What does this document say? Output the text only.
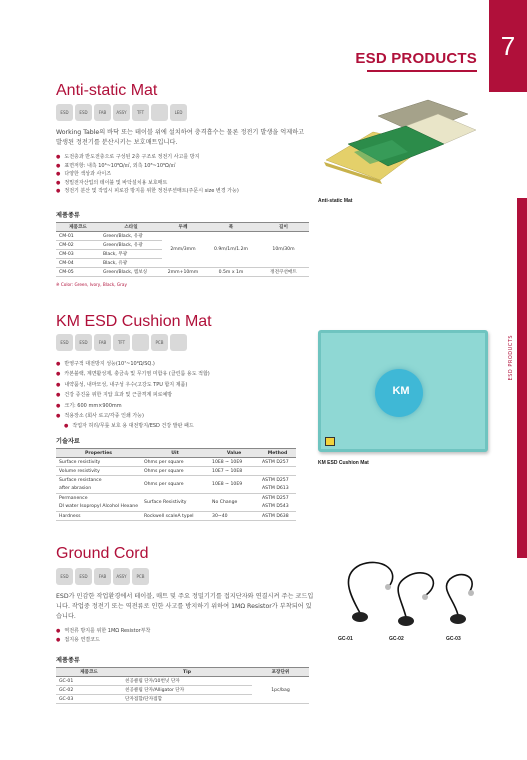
ESD PRODUCTS 7
ESD PRODUCTS
Anti-static Mat
ESD	ESD	FAB	ASSY	TFT	LED
Working Table의 바닥 또는 테이블 위에 설치하여 충격흡수는 물론 정전기 발생을 억제하고 발생된 정전기를 분산시키는 보호매트입니다.
● 도전층과 반도전층으로 구성된 2층 구조로 정전기 사고를 방지
● 표면저항: 내측 10⁶~10⁸Ω/㎡, 외측 10⁸~10⁹Ω/㎡
● 다양한 색상과 사이즈
● 정밀전자산업의 테이블 및 바닥설치용 보호매트
● 정전기 분산 및 작업시 피로감 방지를 위한 정전쿠션매트(주문시 size 변경 가능)
제품종류
제품코드	스타일	두께	폭	길이
CM-01	Green/Black, 유광	2mm/3mm	0.9m/1m/1.2m	10m/30m
CM-02	Green/Black, 유광			
CM-03	Black, 무광			
CM-04	Black, 유광			
CM-05	Green/Black, 엠보싱	2mm+10mm	0.5m x 1m	정전쿠션매트
※ Color: Green, Ivory, Black, Gray
Anti-static Mat
KM ESD Cushion Mat
ESD	ESD	FAB	TFT	PCB
● 반영구적 대전방지 성능(10⁷~10⁹Ω/SQ.)
● 카본블랙, 계면활성제, 충금속 및 무기염 미함유 (클린룸 용도 적합)
● 내약품성, 내마모성, 내구성 우수(고강도 TPU 합지 제품)
● 건강 증진을 위한 지압 효과 및 근골격계 피로예방
● 크기: 600 mm×900mm
● 적용장소 (회사 로고/각종 인쇄 가능)
● 작업자 허리/무릎 보호 용 대전방지/ESD 건강 발판 패드
기술자료
Properties	Uit	Value	Method
Surface resistivity	Ohms per square	10E8 ~ 10E9	ASTM D257
Volume resistivity	Ohms per square	10E7 ~ 10E8	
Surface resistance
after abrasion	Ohms per square	10E8 ~ 10E9	ASTM D257
ASTM D613
Permanence
DI water Isopropyl Alcohol Hexane	Surface Resistivity	No Change	ASTM D257
ASTM D543
Hardness	Rockwell scaleA typel	30~40	ASTM D638
KM
KM ESD Cushion Mat
Ground Cord
ESD	ESD	FAB	ASSY	PCB
ESD가 민감한 작업환경에서 테이블, 매트 및 주요 정밀기기를 접지단자와 연결시켜 주는 코드입니다. 작업중 정전기 또는 역전류로 인한 사고를 방지하기 위하여 1MΩ Resistor가 부착되어 있습니다.
● 역전류 방지를 위한 1MΩ Resistor부착
● 접지용 연결코드
제품종류
제품코드	Tip	포장단위
GC-01	친공클립 단자/10번넛 단자	1pc/bag
GC-02	친공클립 단자/Alligator 단자	
GC-03	단자접합/단자접합	
GC-01	GC-02	GC-03
